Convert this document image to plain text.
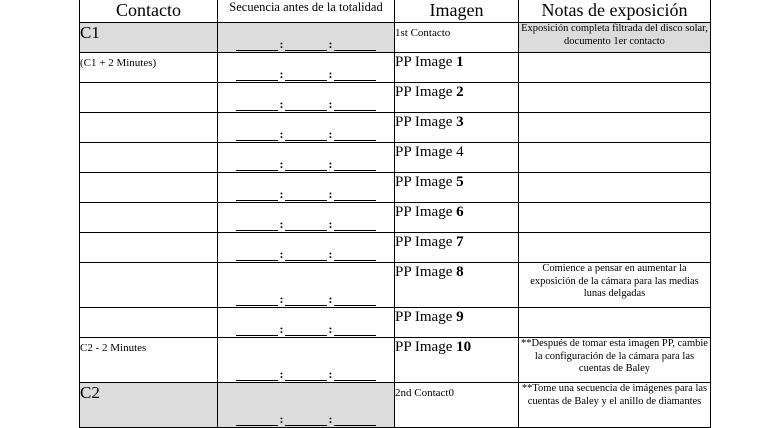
Contacto	Secuencia antes de la totalidad	Imagen	Notas de exposición
C1	: :	1st Contacto	Exposición completa filtrada del disco solar, documento 1er contacto
(C1 + 2 Minutes)	: :	PP Image 1	

	: :	PP Image 2	

	: :	PP Image 3	

	: :	PP Image 4	

	: :	PP Image 5	

	: :	PP Image 6	

	: :	PP Image 7	

	: :	PP Image 8	Comience a pensar en aumentar la exposición de la cámara para las medias lunas delgadas

	: :	PP Image 9	
C2 - 2 Minutes	: :	PP Image 10	**Después de tomar esta imagen PP, cambie la configuración de la cámara para las cuentas de Baley
C2	: :	2nd Contact0	**Tome una secuencia de imágenes para las cuentas de Baley y el anillo de diamantes
